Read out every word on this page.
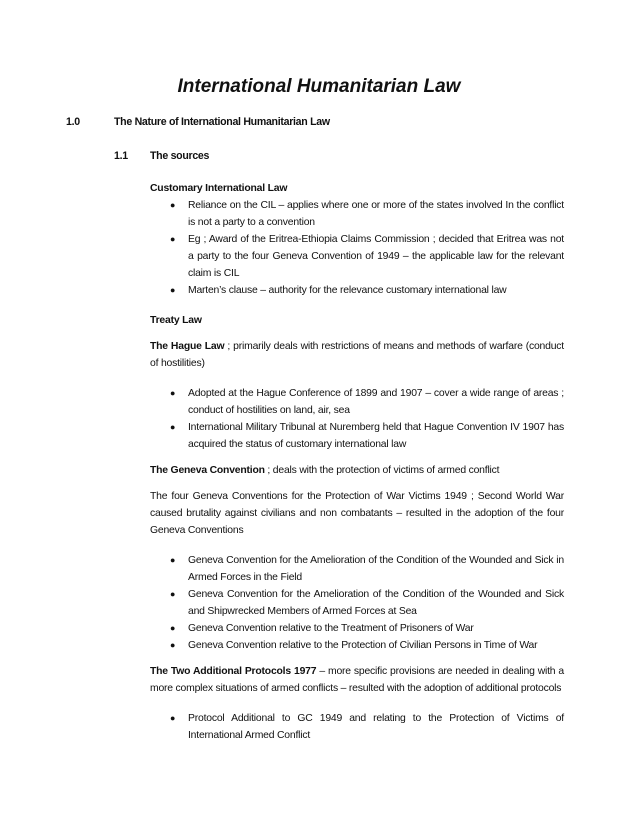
International Humanitarian Law
1.0	The Nature of International Humanitarian Law
1.1 The sources

Customary International Law

● Reliance on the CIL – applies where one or more of the states involved In the conflict is not a party to a convention
● Eg ; Award of the Eritrea-Ethiopia Claims Commission ; decided that Eritrea was not a party to the four Geneva Convention of 1949 – the applicable law for the relevant claim is CIL
● Marten’s clause – authority for the relevance customary international law

Treaty Law

The Hague Law ; primarily deals with restrictions of means and methods of warfare (conduct of hostilities)

● Adopted at the Hague Conference of 1899 and 1907 – cover a wide range of areas ; conduct of hostilities on land, air, sea
● International Military Tribunal at Nuremberg held that Hague Convention IV 1907 has acquired the status of customary international law

The Geneva Convention ; deals with the protection of victims of armed conflict

The four Geneva Conventions for the Protection of War Victims 1949 ; Second World War caused brutality against civilians and non combatants – resulted in the adoption of the four Geneva Conventions

● Geneva Convention for the Amelioration of the Condition of the Wounded and Sick in Armed Forces in the Field
● Geneva Convention for the Amelioration of the Condition of the Wounded and Sick and Shipwrecked Members of Armed Forces at Sea
● Geneva Convention relative to the Treatment of Prisoners of War
● Geneva Convention relative to the Protection of Civilian Persons in Time of War

The Two Additional Protocols 1977 – more specific provisions are needed in dealing with a more complex situations of armed conflicts – resulted with the adoption of additional protocols

● Protocol Additional to GC 1949 and relating to the Protection of Victims of International Armed Conflict
